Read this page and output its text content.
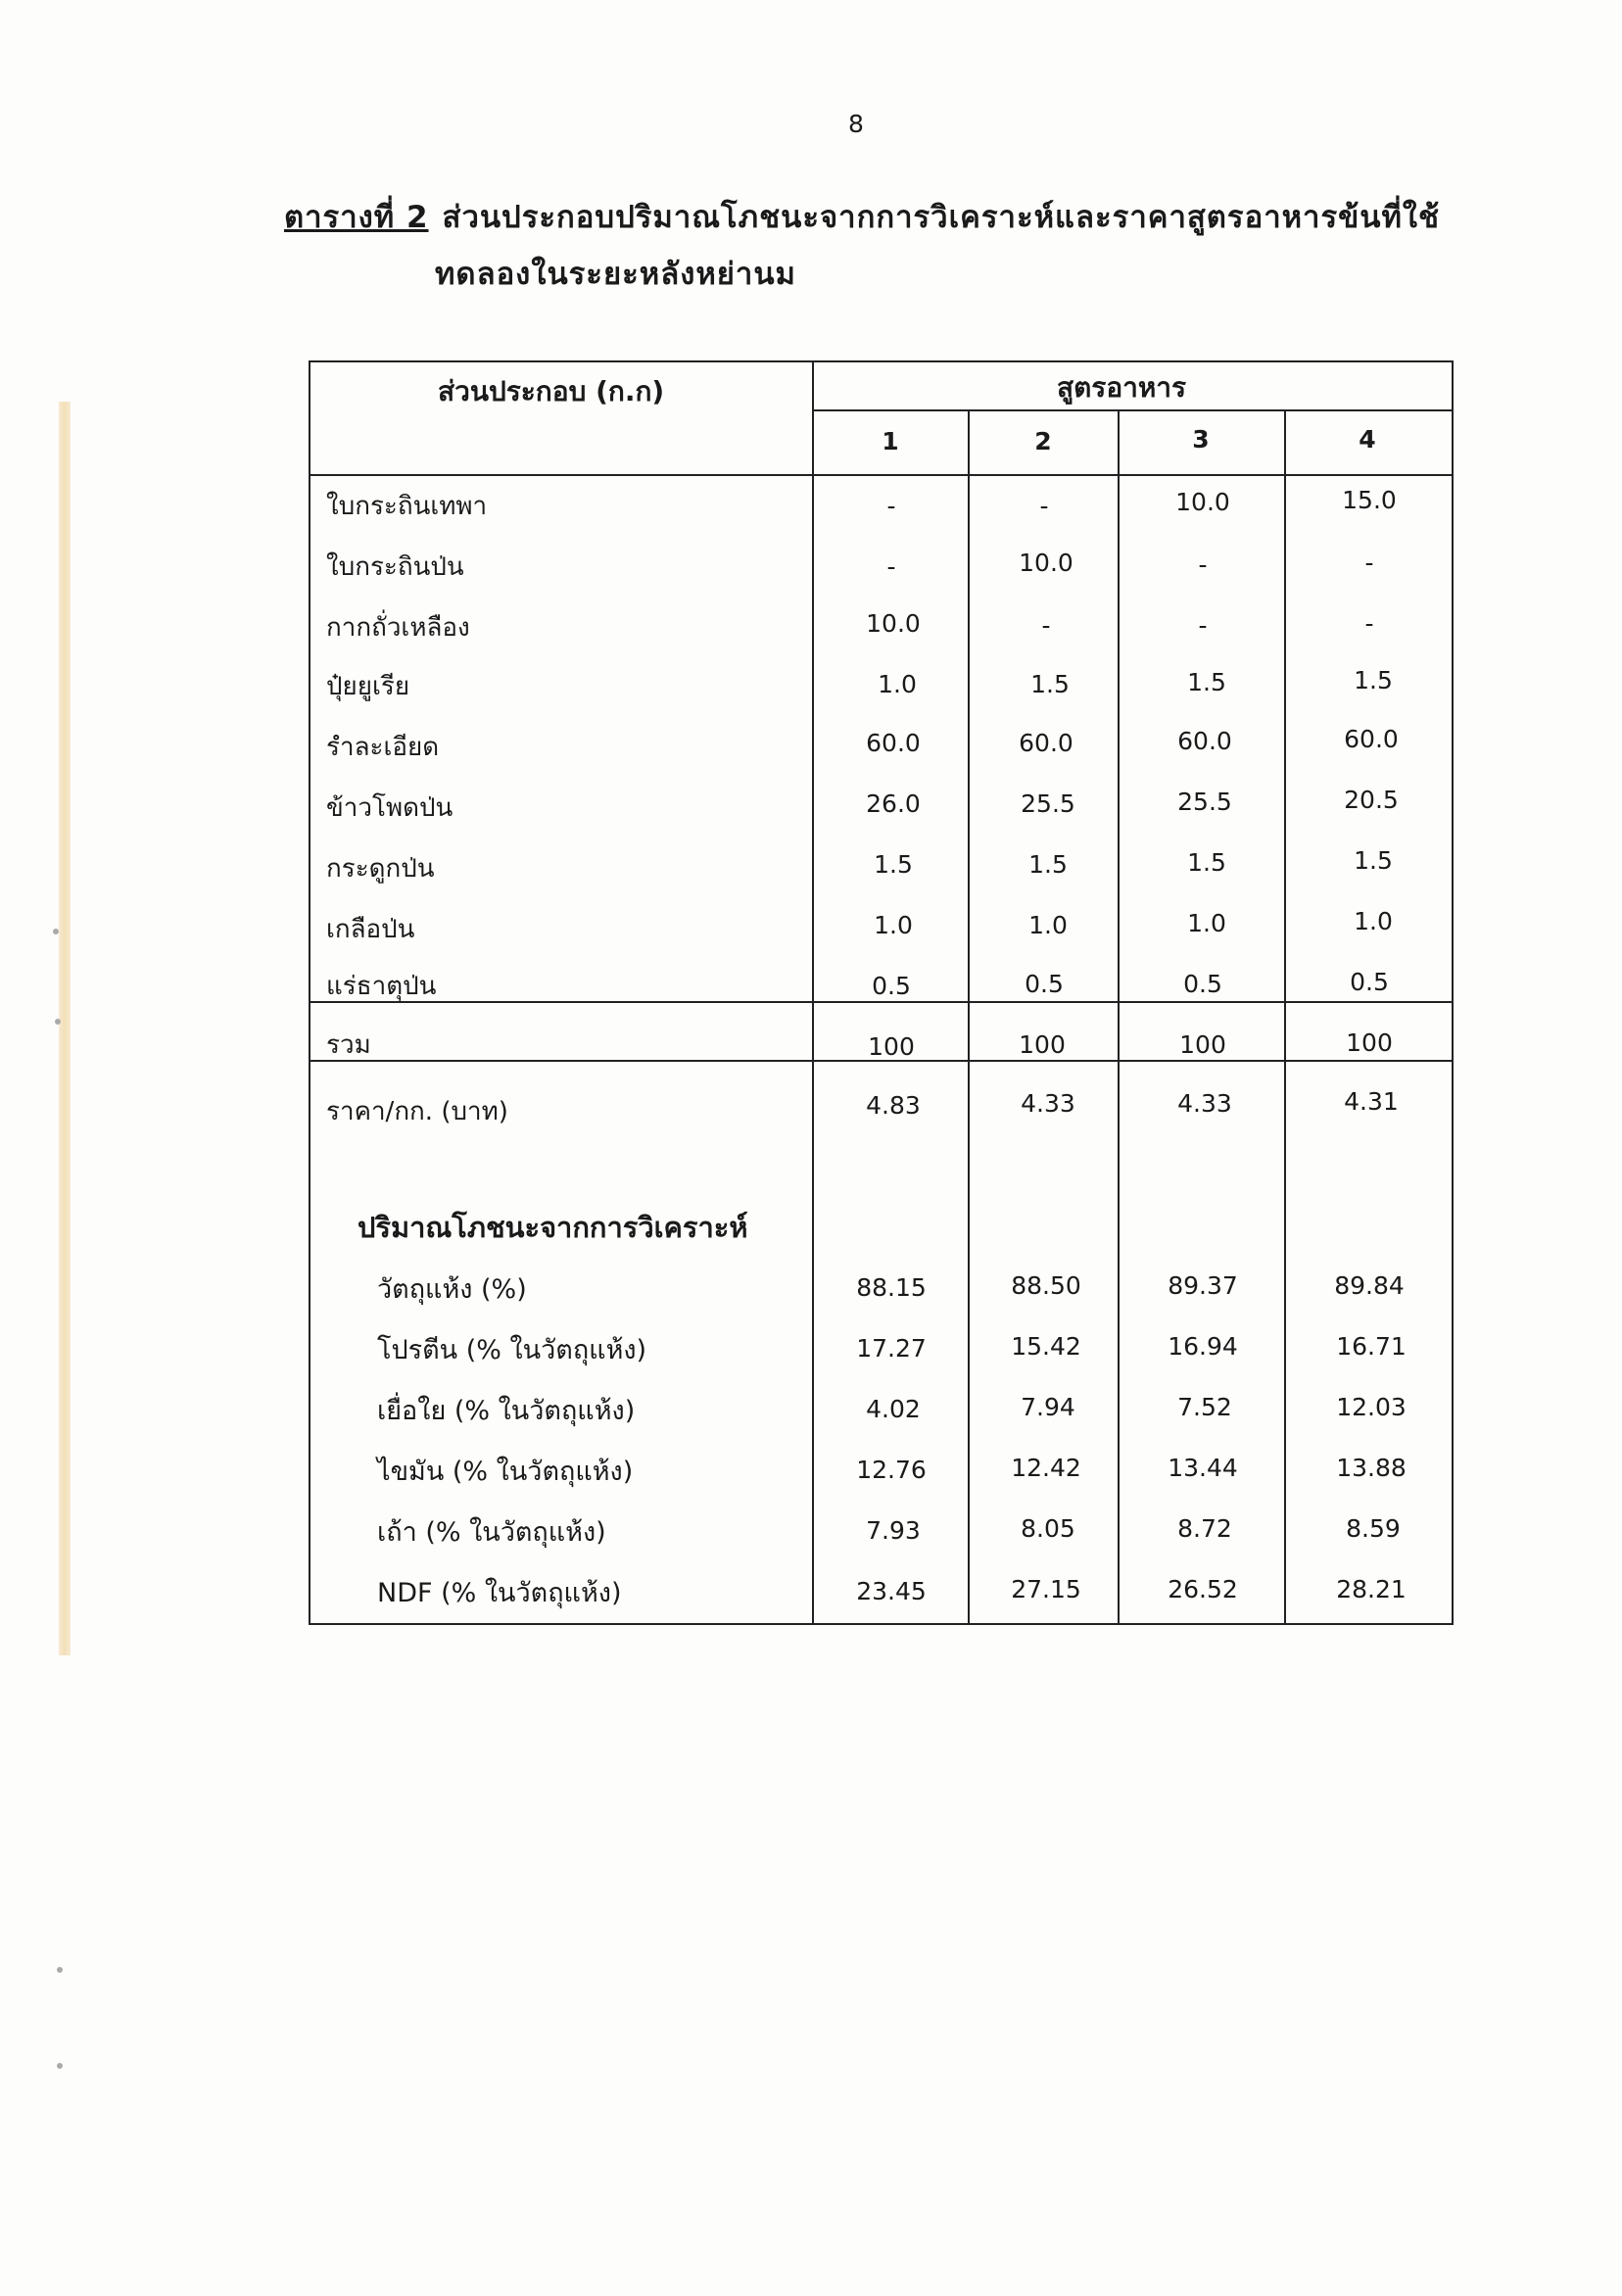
8
ตารางที่ 2 ส่วนประกอบปริมาณโภชนะจากการวิเคราะห์และราคาสูตรอาหารข้นที่ใช้
ทดลองในระยะหลังหย่านม
ส่วนประกอบ (ก.ก)	สูตรอาหาร
1	2	3	4
ใบกระถินเทพา	-	-	10.0	15.0
ใบกระถินป่น	-	10.0	-	-
กากถั่วเหลือง	10.0	-	-	-
ปุ๋ยยูเรีย	1.0	1.5	1.5	1.5
รำละเอียด	60.0	60.0	60.0	60.0
ข้าวโพดป่น	26.0	25.5	25.5	20.5
กระดูกป่น	1.5	1.5	1.5	1.5
เกลือป่น	1.0	1.0	1.0	1.0
แร่ธาตุป่น	0.5	0.5	0.5	0.5
รวม	100	100	100	100
ราคา/กก. (บาท)	4.83	4.33	4.33	4.31
ปริมาณโภชนะจากการวิเคราะห์
วัตถุแห้ง (%)	88.15	88.50	89.37	89.84
โปรตีน (% ในวัตถุแห้ง)	17.27	15.42	16.94	16.71
เยื่อใย (% ในวัตถุแห้ง)	4.02	7.94	7.52	12.03
ไขมัน (% ในวัตถุแห้ง)	12.76	12.42	13.44	13.88
เถ้า (% ในวัตถุแห้ง)	7.93	8.05	8.72	8.59
NDF (% ในวัตถุแห้ง)	23.45	27.15	26.52	28.21
